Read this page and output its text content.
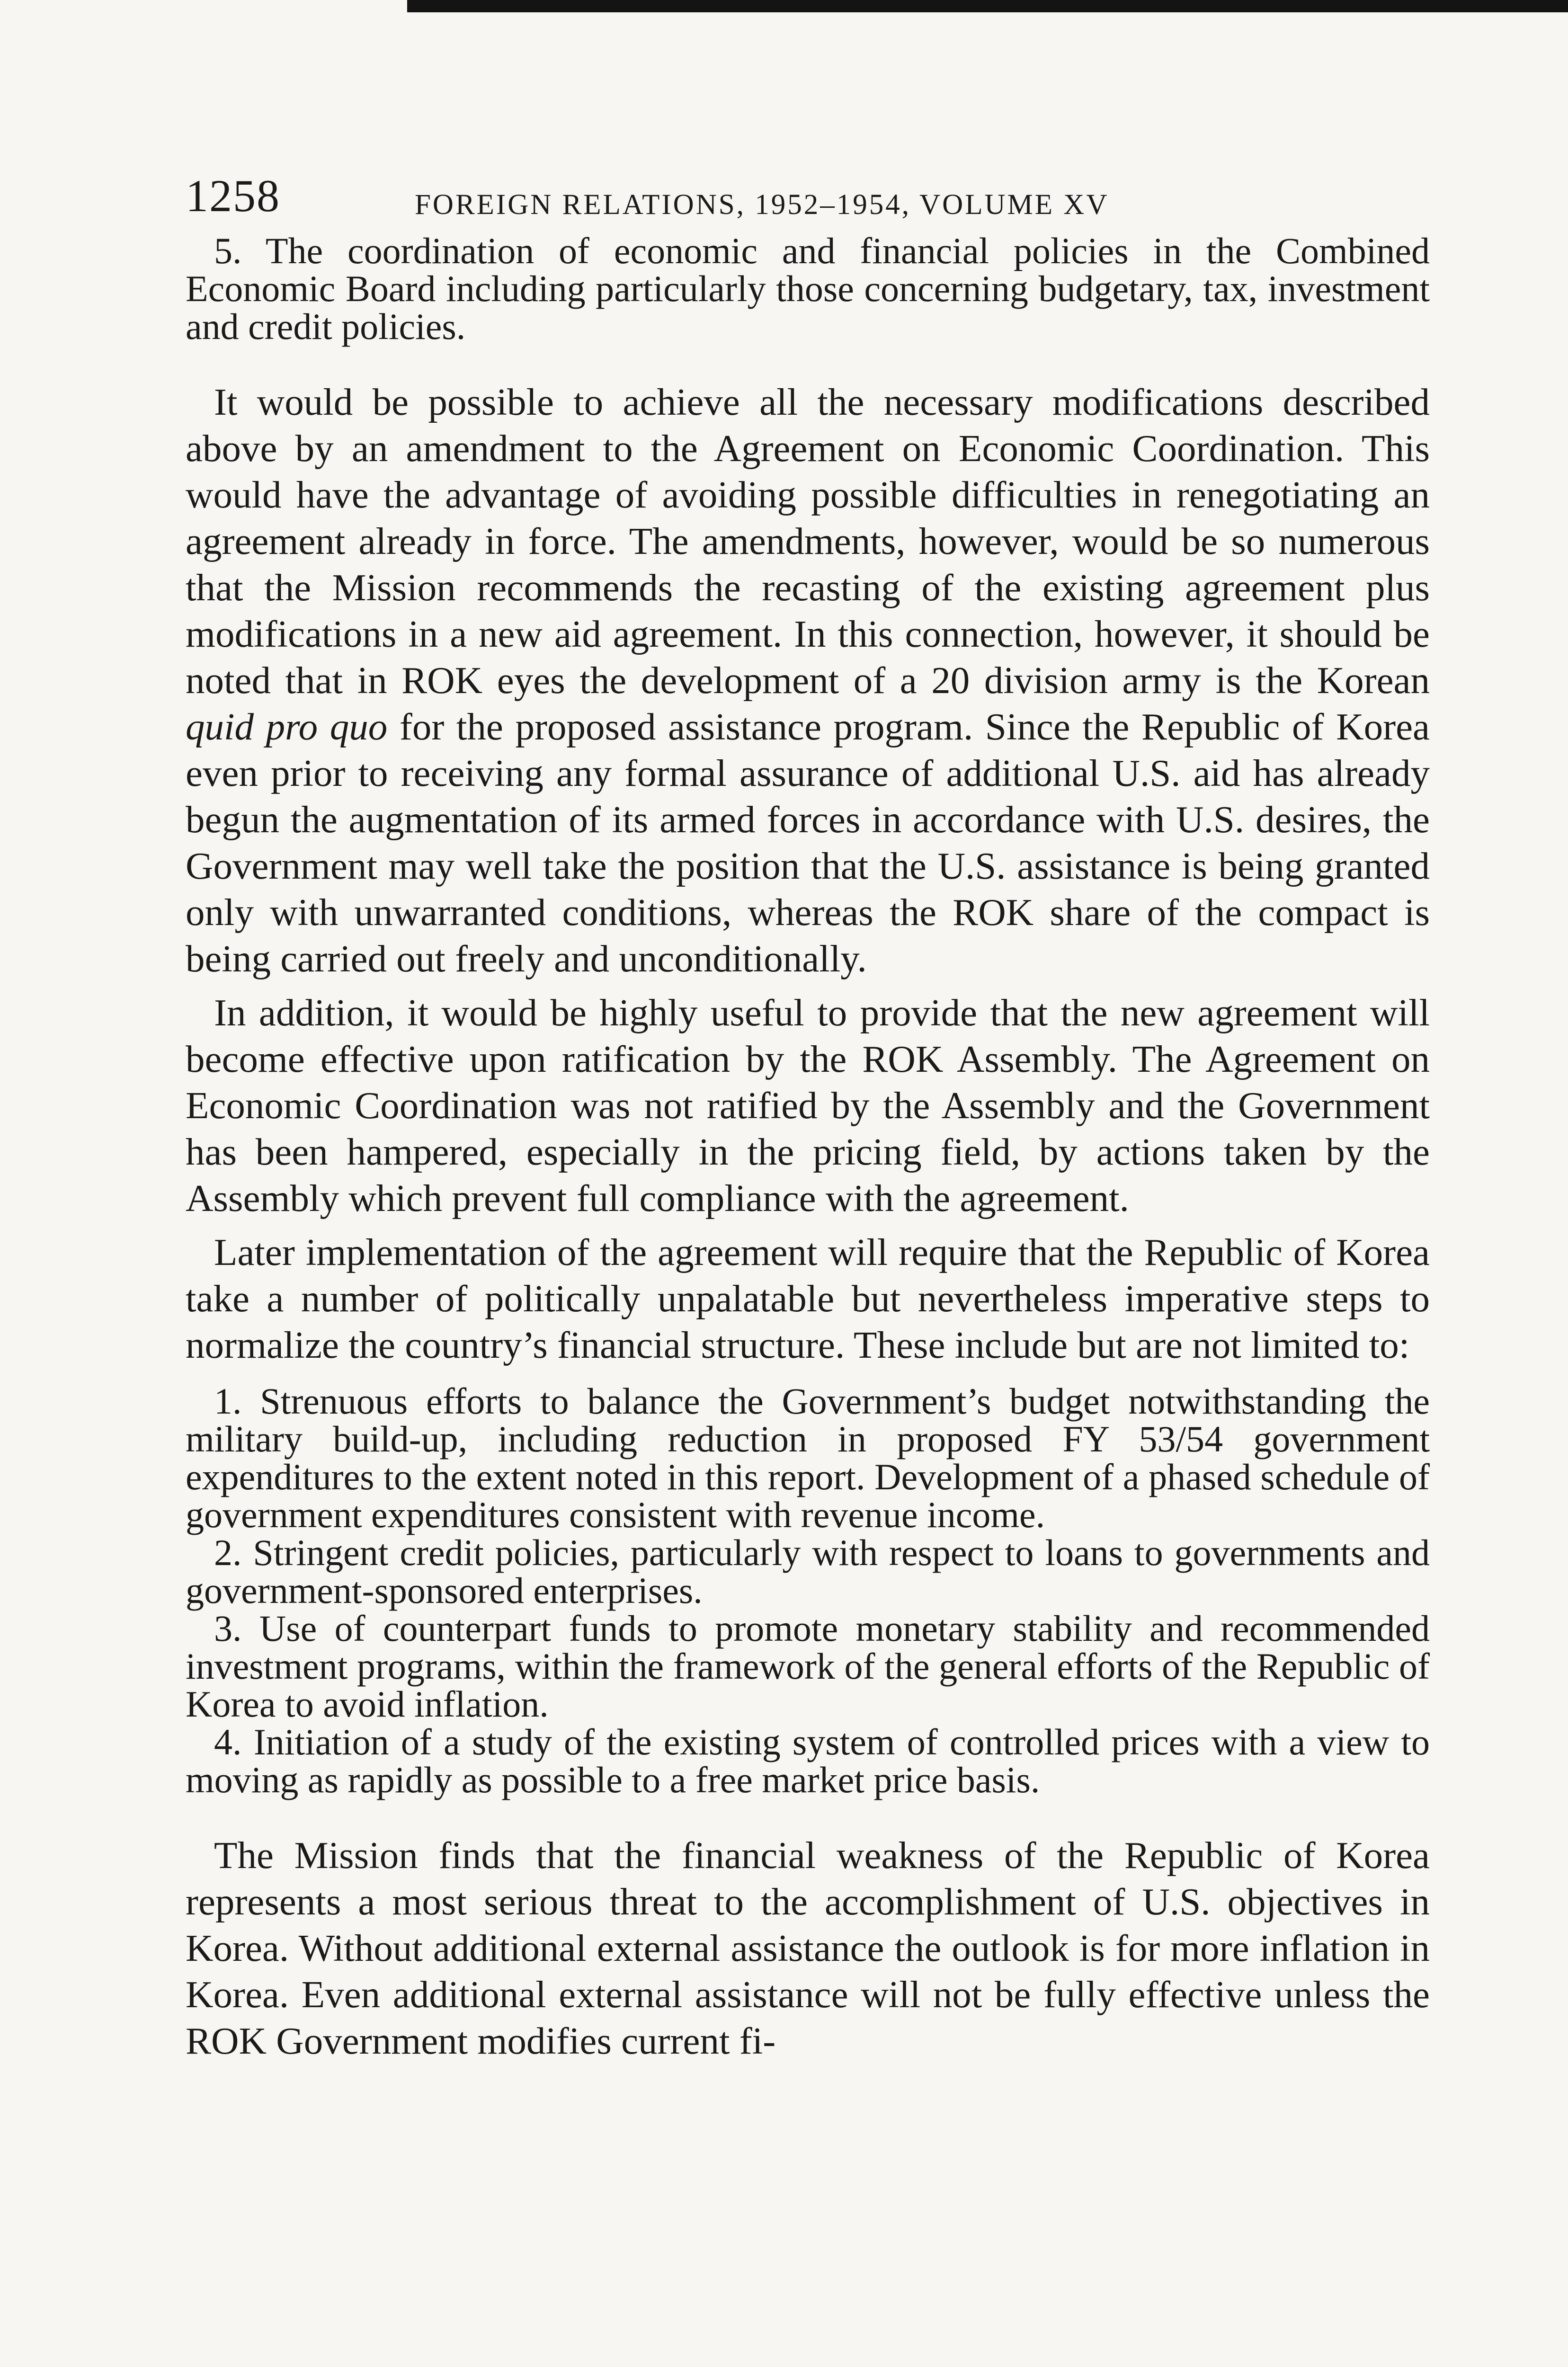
1258	FOREIGN RELATIONS, 1952–1954, VOLUME XV

5. The coordination of economic and financial policies in the Combined Economic Board including particularly those concerning budgetary, tax, investment and credit policies.

It would be possible to achieve all the necessary modifications described above by an amendment to the Agreement on Economic Coordination. This would have the advantage of avoiding possible difficulties in renegotiating an agreement already in force. The amendments, however, would be so numerous that the Mission recommends the recasting of the existing agreement plus modifications in a new aid agreement. In this connection, however, it should be noted that in ROK eyes the development of a 20 division army is the Korean quid pro quo for the proposed assistance program. Since the Republic of Korea even prior to receiving any formal assurance of additional U.S. aid has already begun the augmentation of its armed forces in accordance with U.S. desires, the Government may well take the position that the U.S. assistance is being granted only with unwarranted conditions, whereas the ROK share of the compact is being carried out freely and unconditionally.

In addition, it would be highly useful to provide that the new agreement will become effective upon ratification by the ROK Assembly. The Agreement on Economic Coordination was not ratified by the Assembly and the Government has been hampered, especially in the pricing field, by actions taken by the Assembly which prevent full compliance with the agreement.

Later implementation of the agreement will require that the Republic of Korea take a number of politically unpalatable but nevertheless imperative steps to normalize the country’s financial structure. These include but are not limited to:

1. Strenuous efforts to balance the Government’s budget notwithstanding the military build-up, including reduction in proposed FY 53/54 government expenditures to the extent noted in this report. Development of a phased schedule of government expenditures consistent with revenue income.

2. Stringent credit policies, particularly with respect to loans to governments and government-sponsored enterprises.

3. Use of counterpart funds to promote monetary stability and recommended investment programs, within the framework of the general efforts of the Republic of Korea to avoid inflation.

4. Initiation of a study of the existing system of controlled prices with a view to moving as rapidly as possible to a free market price basis.

The Mission finds that the financial weakness of the Republic of Korea represents a most serious threat to the accomplishment of U.S. objectives in Korea. Without additional external assistance the outlook is for more inflation in Korea. Even additional external assistance will not be fully effective unless the ROK Government modifies current fi-
